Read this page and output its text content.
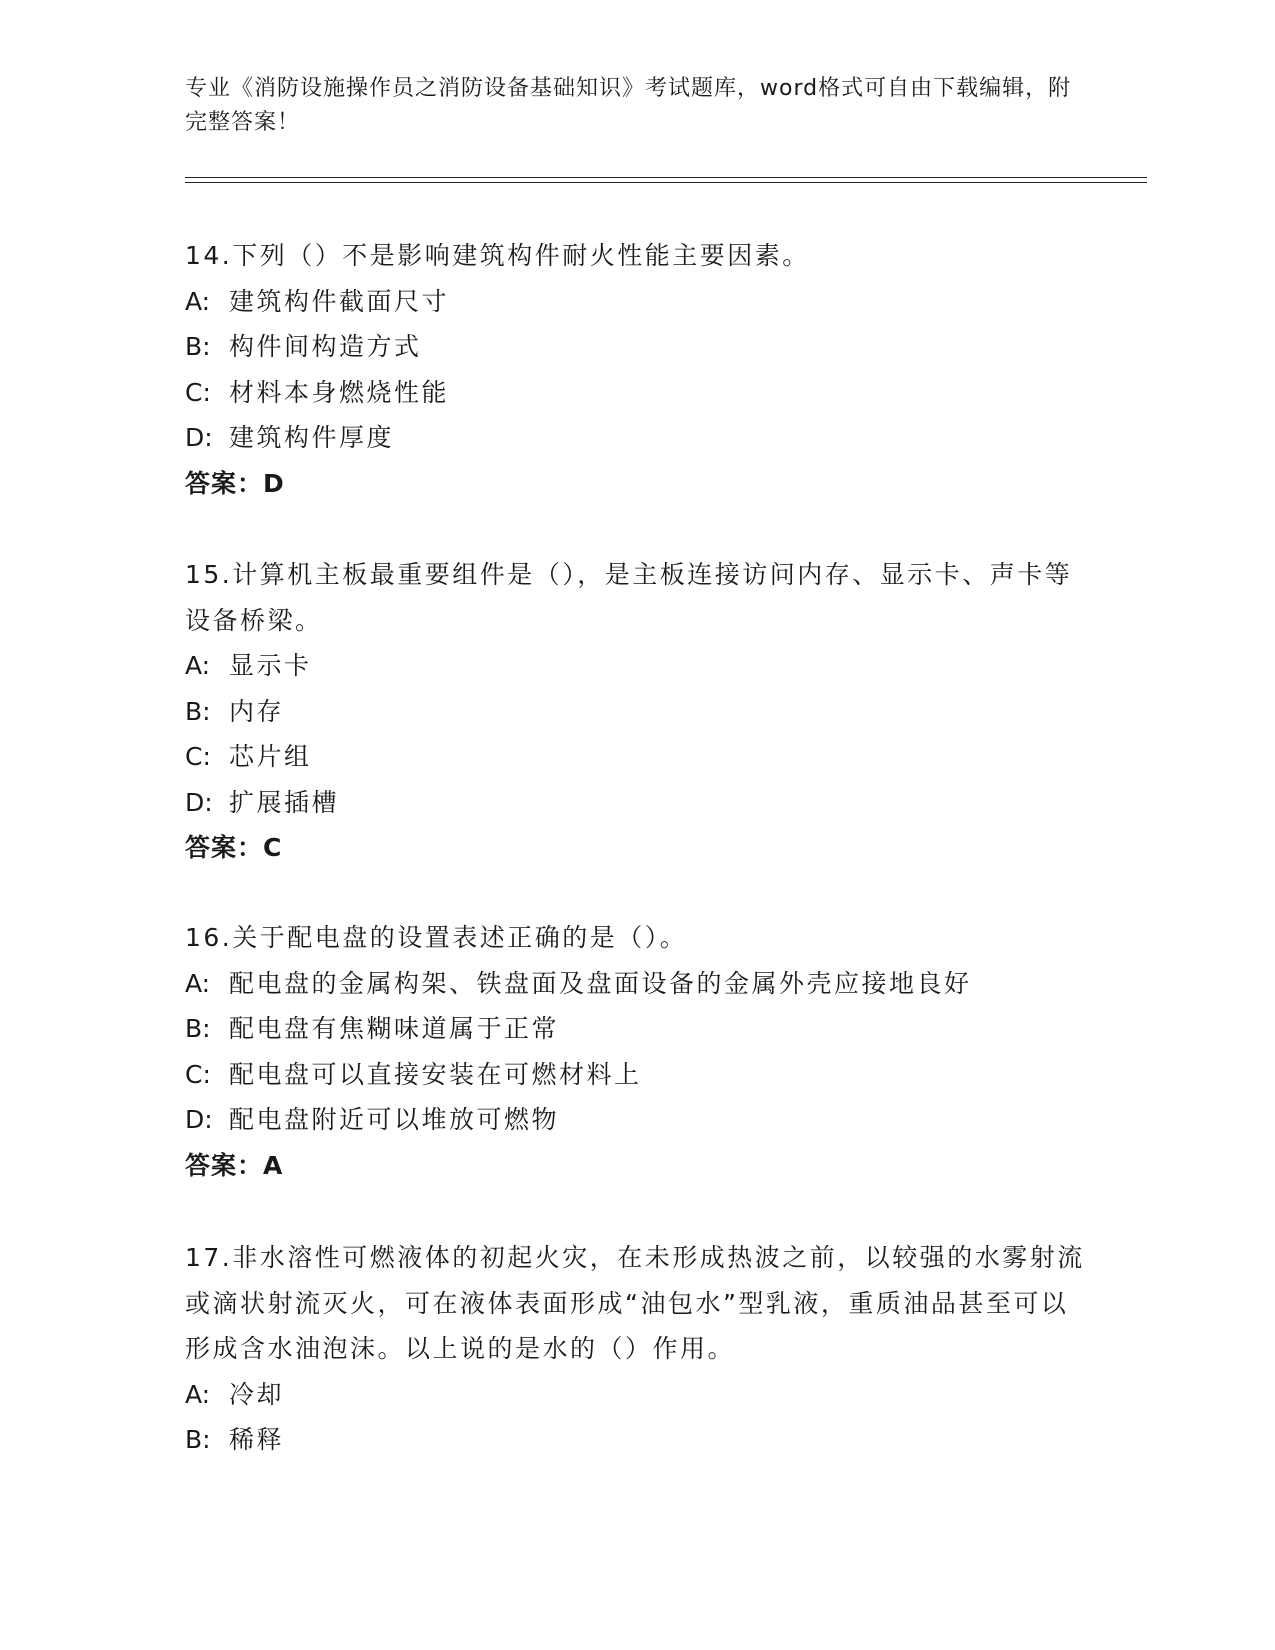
专业《消防设施操作员之消防设备基础知识》考试题库，word格式可自由下载编辑，附完整答案！

14.下列（）不是影响建筑构件耐火性能主要因素。

A: 建筑构件截面尺寸
B: 构件间构造方式
C: 材料本身燃烧性能
D: 建筑构件厚度

答案：D

15.计算机主板最重要组件是（），是主板连接访问内存、显示卡、声卡等设备桥梁。

A: 显示卡
B: 内存
C: 芯片组
D: 扩展插槽

答案：C

16.关于配电盘的设置表述正确的是（）。

A: 配电盘的金属构架、铁盘面及盘面设备的金属外壳应接地良好
B: 配电盘有焦糊味道属于正常
C: 配电盘可以直接安装在可燃材料上
D: 配电盘附近可以堆放可燃物

答案：A

17.非水溶性可燃液体的初起火灾，在未形成热波之前，以较强的水雾射流或滴状射流灭火，可在液体表面形成“油包水”型乳液，重质油品甚至可以形成含水油泡沫。以上说的是水的（）作用。

A: 冷却
B: 稀释
